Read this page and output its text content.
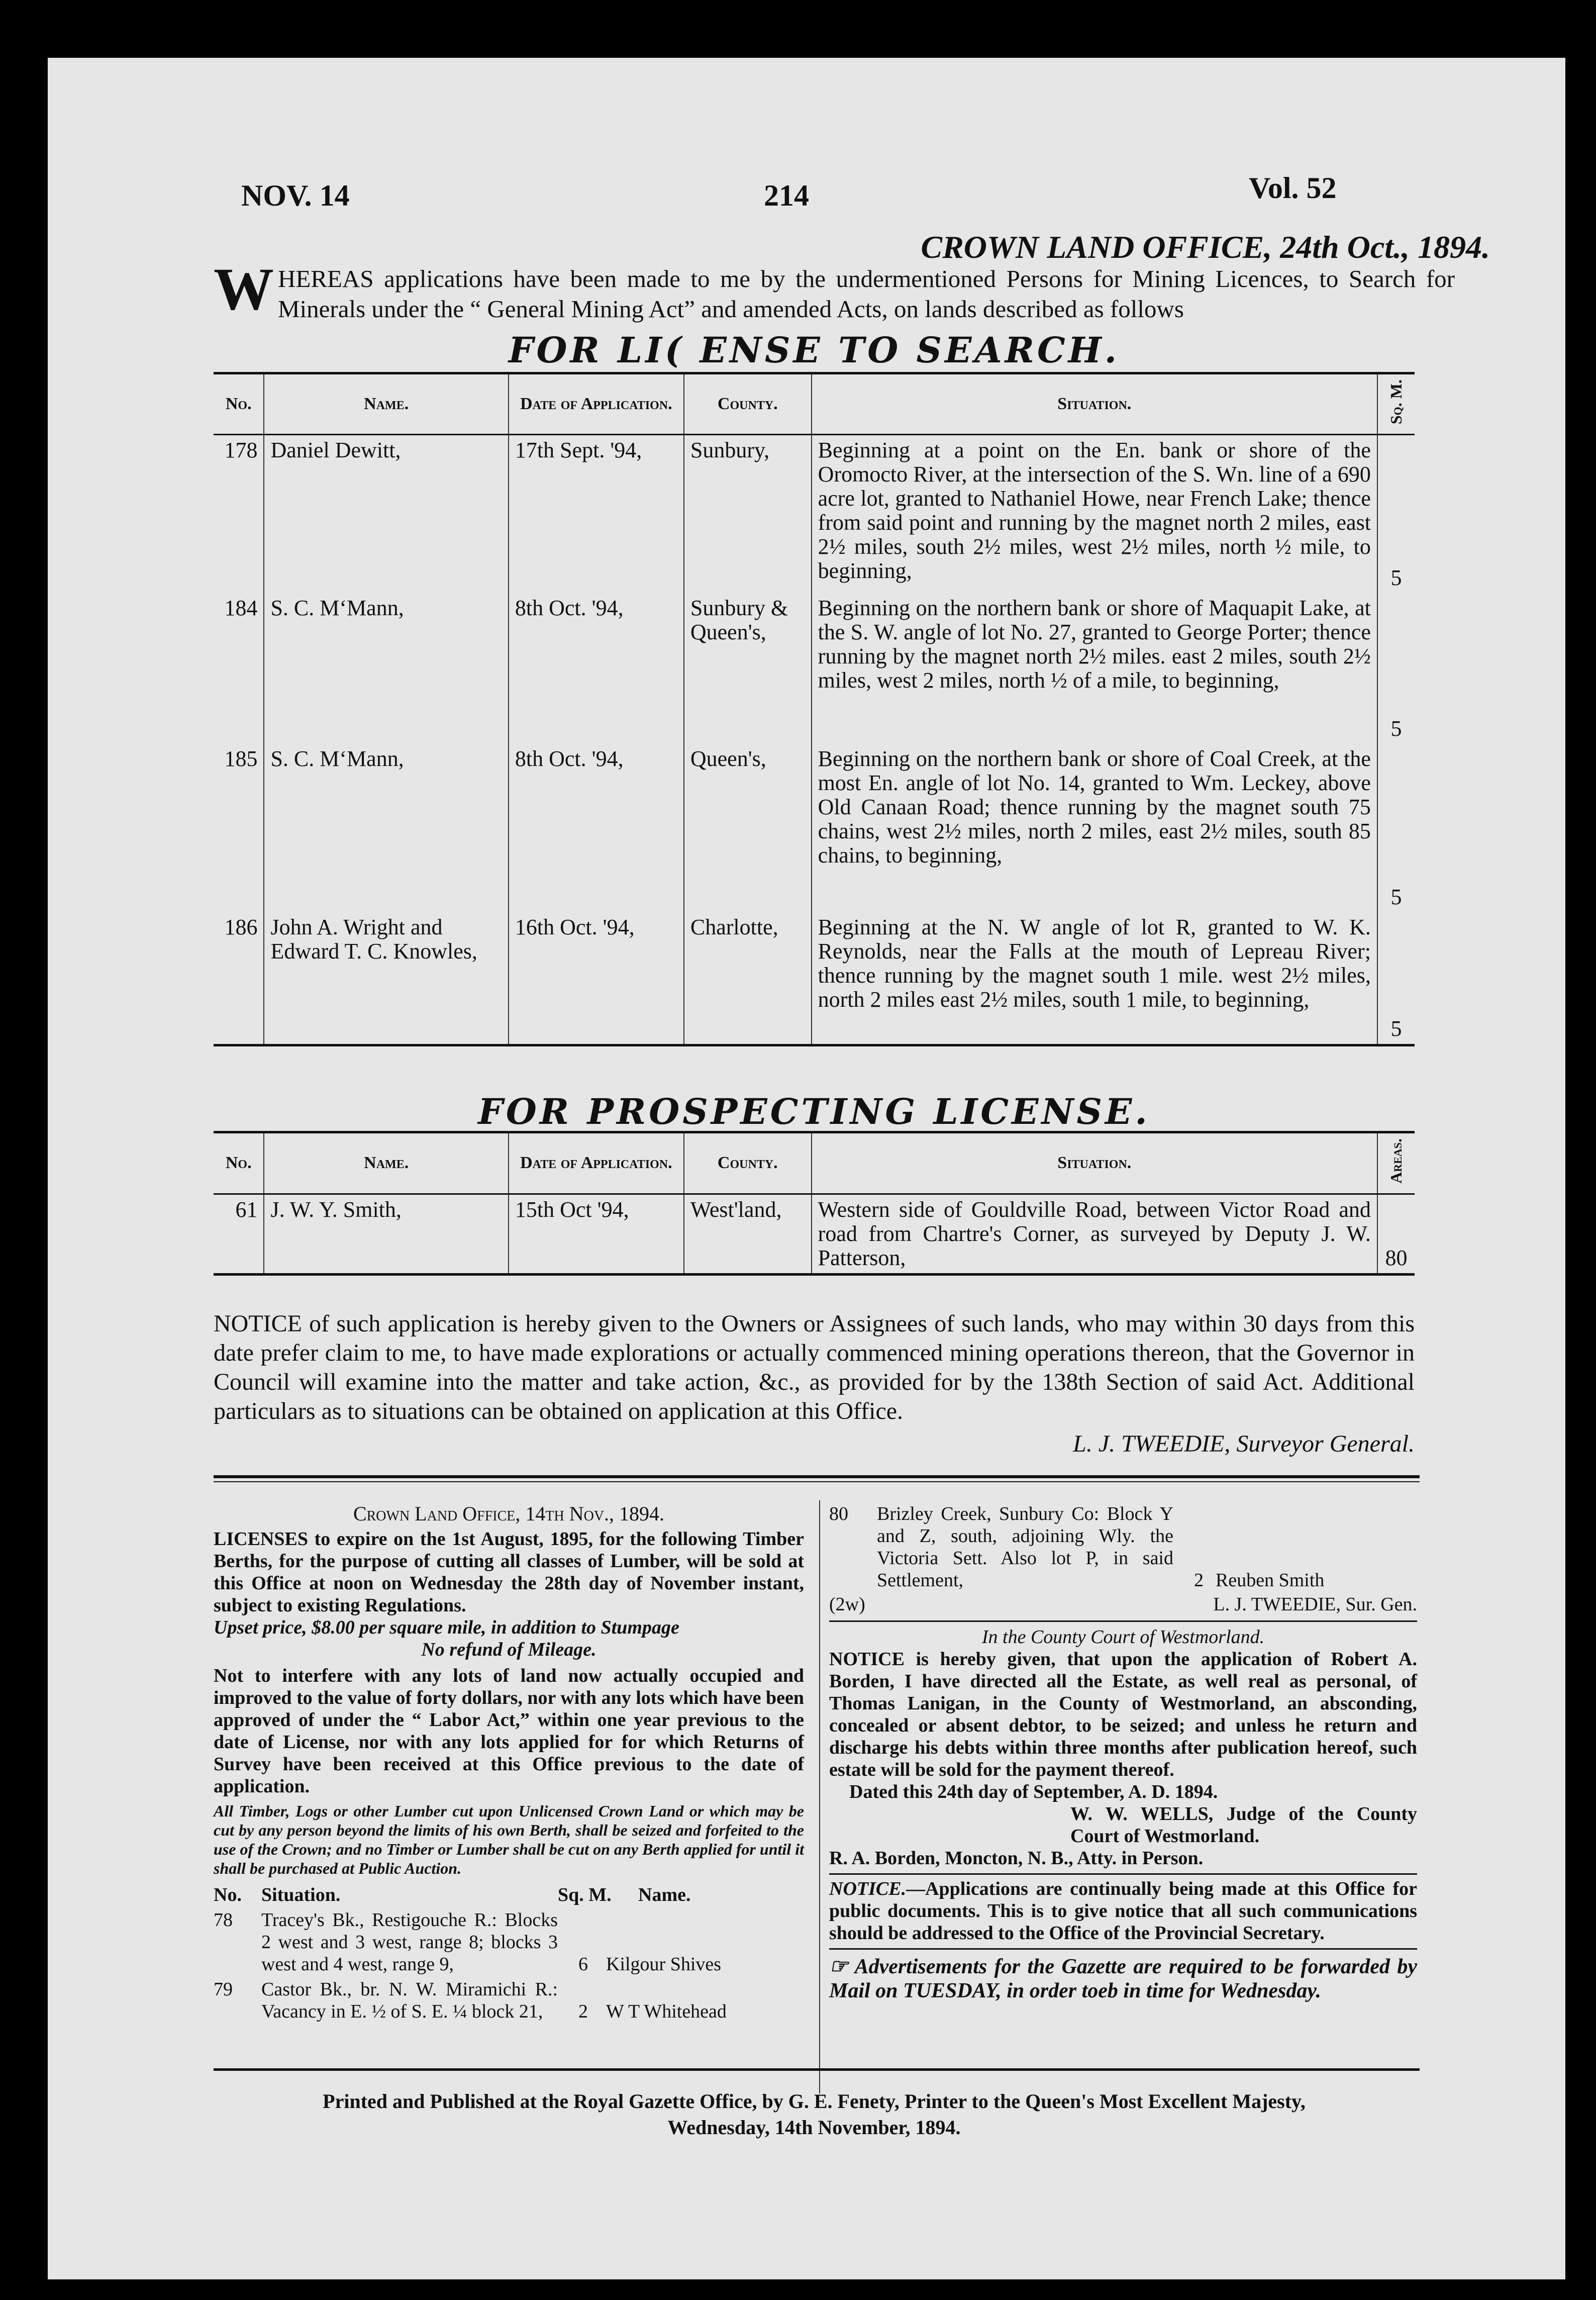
NOV. 14	214	Vol. 52
CROWN LAND OFFICE, 24th Oct., 1894.
W HEREAS applications have been made to me by the undermentioned Persons for Mining Licences, to Search for Minerals under the “ General Mining Act” and amended Acts, on lands described as follows
FOR LI( ENSE TO SEARCH.
No.	Name.	Date of Application.	County.	Situation.	Sq. M.
178	Daniel Dewitt,	17th Sept. '94,	Sunbury,	Beginning at a point on the En. bank or shore of the Oromocto River, at the intersection of the S. Wn. line of a 690 acre lot, granted to Nathaniel Howe, near French Lake; thence from said point and running by the magnet north 2 miles, east 2½ miles, south 2½ miles, west 2½ miles, north ½ mile, to beginning,	5
184	S. C. M‘Mann,	8th Oct. '94,	Sunbury & Queen's,	Beginning on the northern bank or shore of Maquapit Lake, at the S. W. angle of lot No. 27, granted to George Porter; thence running by the magnet north 2½ miles. east 2 miles, south 2½ miles, west 2 miles, north ½ of a mile, to beginning,	5
185	S. C. M‘Mann,	8th Oct. '94,	Queen's,	Beginning on the northern bank or shore of Coal Creek, at the most En. angle of lot No. 14, granted to Wm. Leckey, above Old Canaan Road; thence running by the magnet south 75 chains, west 2½ miles, north 2 miles, east 2½ miles, south 85 chains, to beginning,	5
186	John A. Wright and Edward T. C. Knowles,	16th Oct. '94,	Charlotte,	Beginning at the N. W angle of lot R, granted to W. K. Reynolds, near the Falls at the mouth of Lepreau River; thence running by the magnet south 1 mile. west 2½ miles, north 2 miles east 2½ miles, south 1 mile, to beginning,	5
FOR PROSPECTING LICENSE.
No.	Name.	Date of Application.	County.	Situation.	Areas.
61	J. W. Y. Smith,	15th Oct '94,	West'land,	Western side of Gouldville Road, between Victor Road and road from Chartre's Corner, as surveyed by Deputy J. W. Patterson,	80
NOTICE of such application is hereby given to the Owners or Assignees of such lands, who may within 30 days from this date prefer claim to me, to have made explorations or actually commenced mining operations thereon, that the Governor in Council will examine into the matter and take action, &c., as provided for by the 138th Section of said Act. Additional particulars as to situations can be obtained on application at this Office.
L. J. TWEEDIE, Surveyor General.
Crown Land Office, 14th Nov., 1894.
LICENSES to expire on the 1st August, 1895, for the following Timber Berths, for the purpose of cutting all classes of Lumber, will be sold at this Office at noon on Wednesday the 28th day of November instant, subject to existing Regulations.
Upset price, $8.00 per square mile, in addition to Stumpage
No refund of Mileage.
Not to interfere with any lots of land now actually occupied and improved to the value of forty dollars, nor with any lots which have been approved of under the “ Labor Act,” within one year previous to the date of License, nor with any lots applied for for which Returns of Survey have been received at this Office previous to the date of application.
All Timber, Logs or other Lumber cut upon Unlicensed Crown Land or which may be cut by any person beyond the limits of his own Berth, shall be seized and forfeited to the use of the Crown; and no Timber or Lumber shall be cut on any Berth applied for until it shall be purchased at Public Auction.
No.	Situation.	Sq. M.	Name.
78	Tracey's Bk., Restigouche R.: Blocks 2 west and 3 west, range 8; blocks 3 west and 4 west, range 9,	6 Kilgour Shives
79	Castor Bk., br. N. W. Miramichi R.: Vacancy in E. ½ of S. E. ¼ block 21,	2 W T Whitehead
80	Brizley Creek, Sunbury Co: Block Y and Z, south, adjoining Wly. the Victoria Sett. Also lot P, in said Settlement,	2 Reuben Smith
(2w)	L. J. TWEEDIE, Sur. Gen.
In the County Court of Westmorland.
NOTICE is hereby given, that upon the application of Robert A. Borden, I have directed all the Estate, as well real as personal, of Thomas Lanigan, in the County of Westmorland, an absconding, concealed or absent debtor, to be seized; and unless he return and discharge his debts within three months after publication hereof, such estate will be sold for the payment thereof.
Dated this 24th day of September, A. D. 1894.
W. W. WELLS, Judge of the County Court of Westmorland.
R. A. Borden, Moncton, N. B., Atty. in Person.
NOTICE.—Applications are continually being made at this Office for public documents. This is to give notice that all such communications should be addressed to the Office of the Provincial Secretary.
☞ Advertisements for the Gazette are required to be forwarded by Mail on TUESDAY, in order toeb in time for Wednesday.
Printed and Published at the Royal Gazette Office, by G. E. Fenety, Printer to the Queen's Most Excellent Majesty,
Wednesday, 14th November, 1894.
